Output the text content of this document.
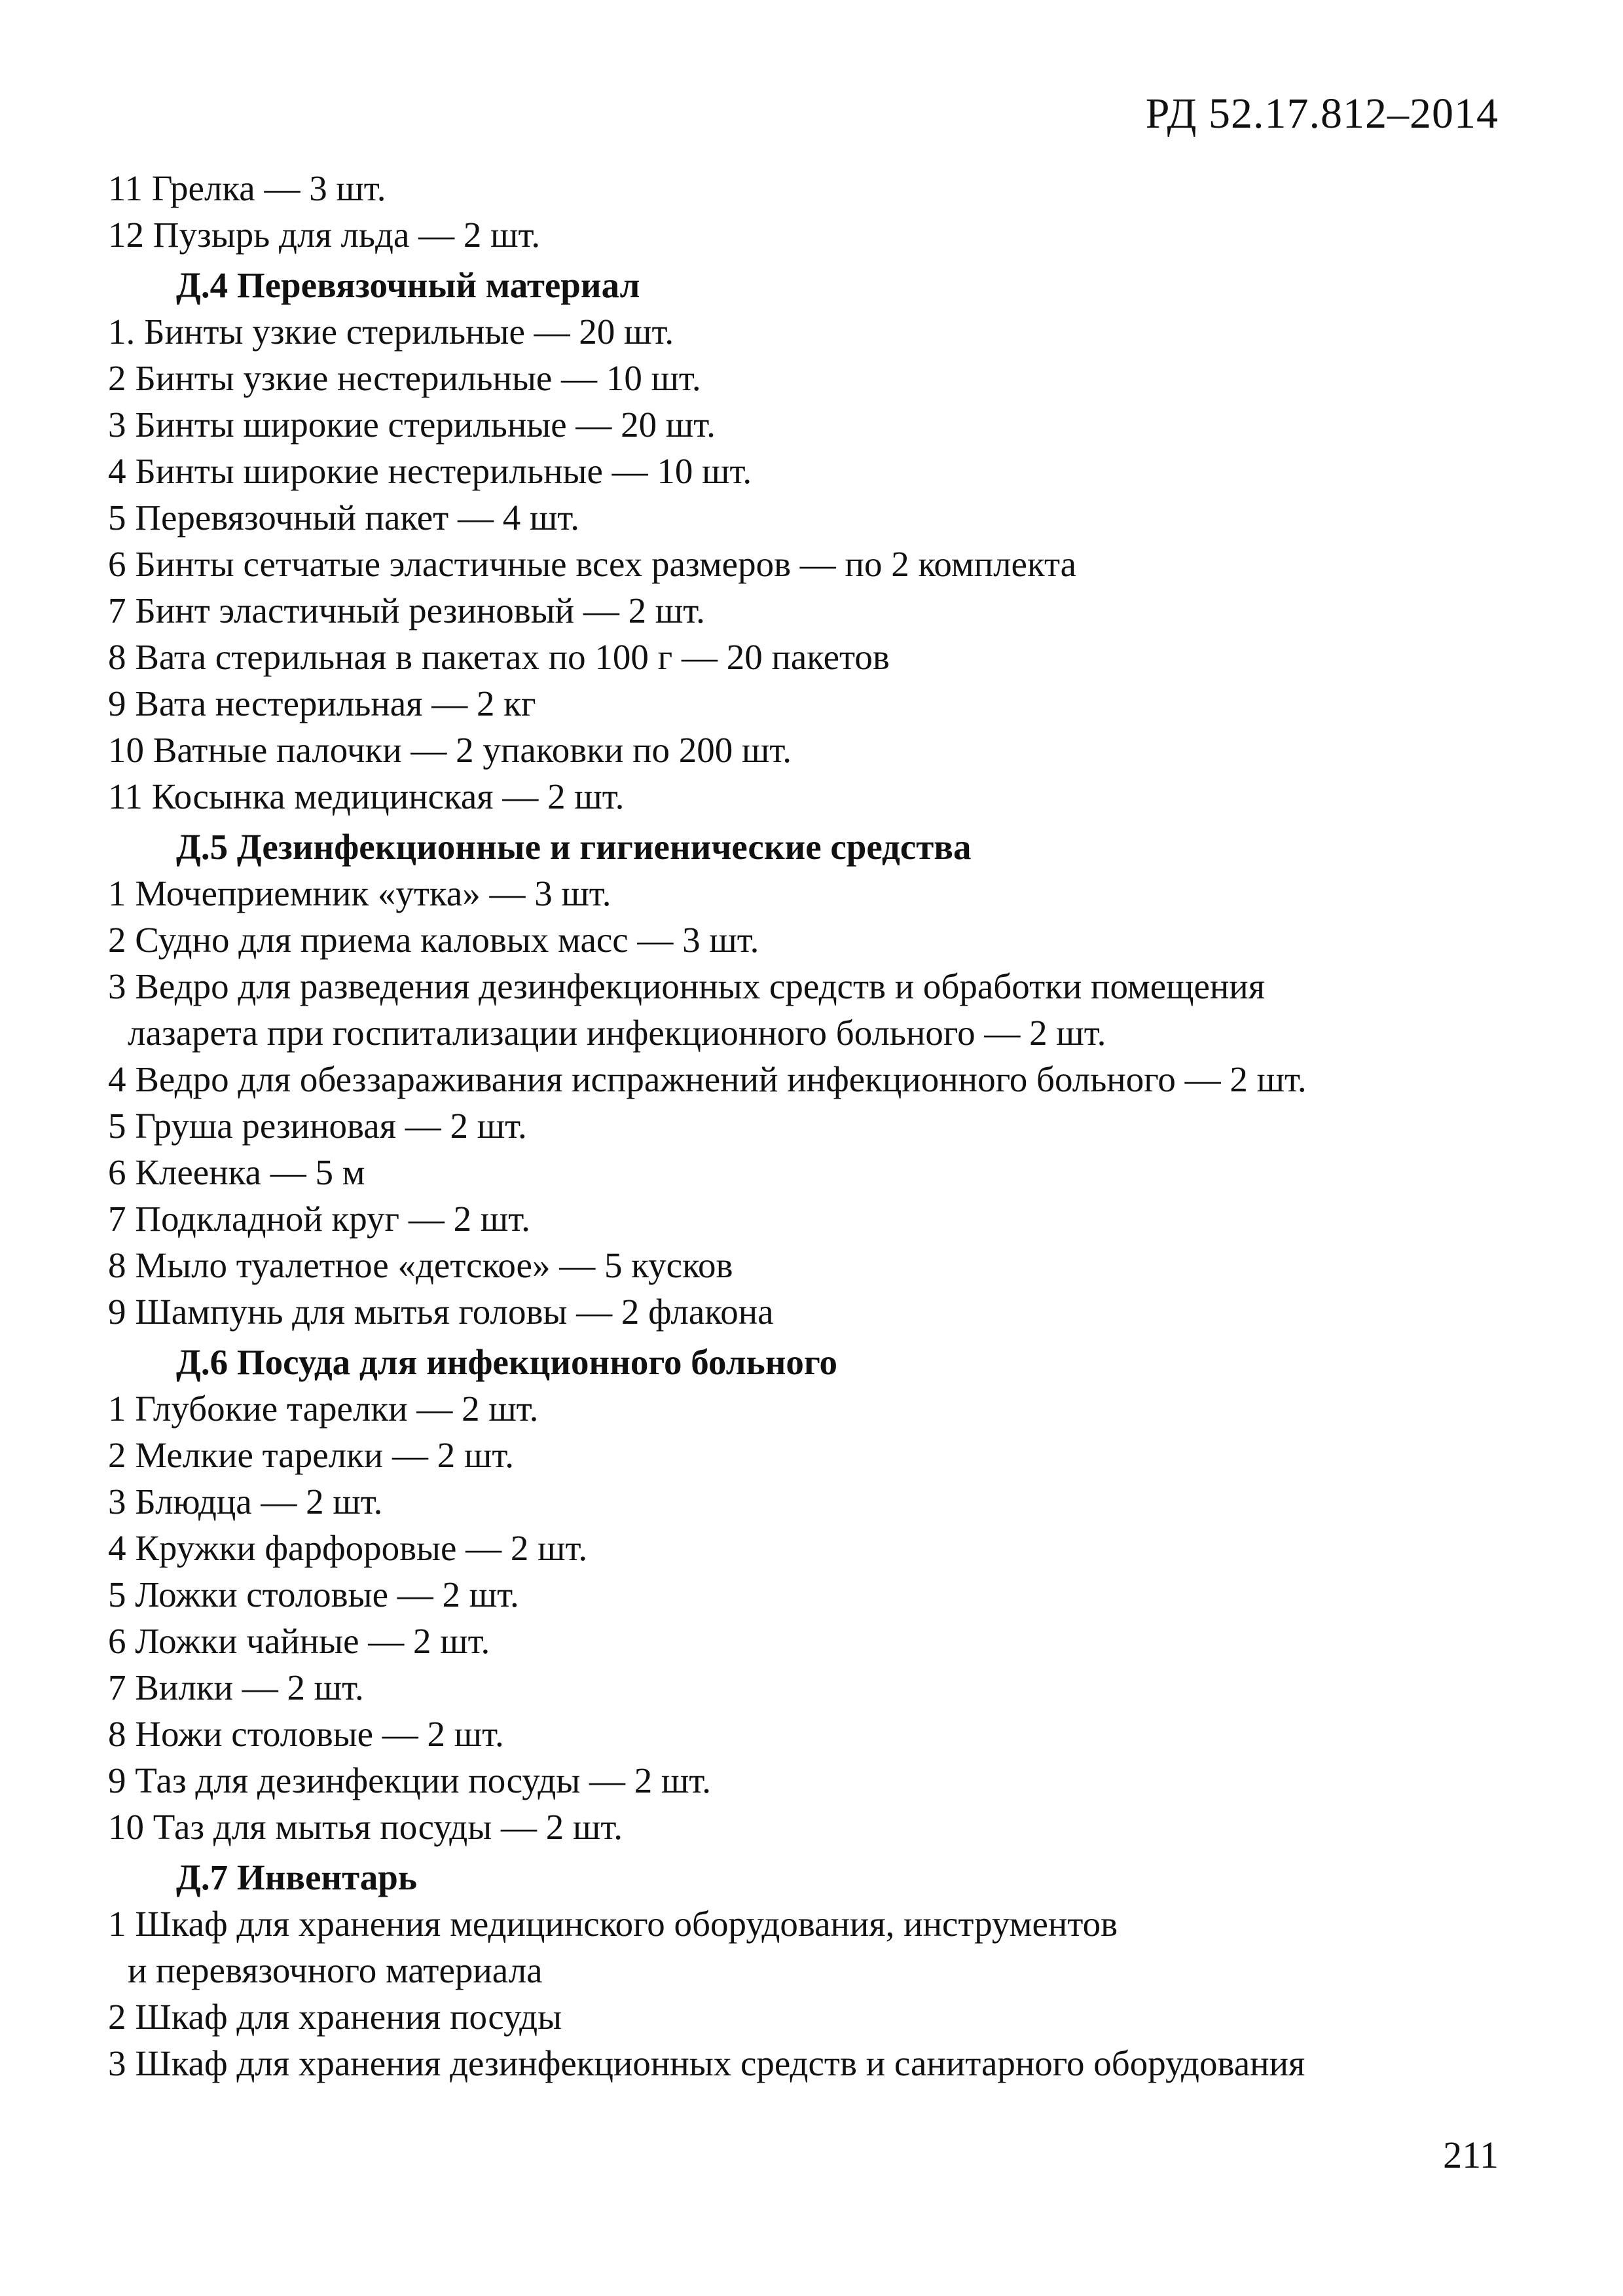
РД 52.17.812–2014
11 Грелка — 3 шт.
12 Пузырь для льда — 2 шт.
Д.4 Перевязочный материал
1. Бинты узкие стерильные — 20 шт.
2 Бинты узкие нестерильные — 10 шт.
3 Бинты широкие стерильные — 20 шт.
4 Бинты широкие нестерильные — 10 шт.
5 Перевязочный пакет — 4 шт.
6 Бинты сетчатые эластичные всех размеров — по 2 комплекта
7 Бинт эластичный резиновый — 2 шт.
8 Вата стерильная в пакетах по 100 г — 20 пакетов
9 Вата нестерильная — 2 кг
10 Ватные палочки — 2 упаковки по 200 шт.
11 Косынка медицинская — 2 шт.
Д.5 Дезинфекционные и гигиенические средства
1 Мочеприемник «утка» — 3 шт.
2 Судно для приема каловых масс — 3 шт.
3 Ведро для разведения дезинфекционных средств и обработки помещения
лазарета при госпитализации инфекционного больного — 2 шт.
4 Ведро для обеззараживания испражнений инфекционного больного — 2 шт.
5 Груша резиновая — 2 шт.
6 Клеенка — 5 м
7 Подкладной круг — 2 шт.
8 Мыло туалетное «детское» — 5 кусков
9 Шампунь для мытья головы — 2 флакона
Д.6 Посуда для инфекционного больного
1 Глубокие тарелки — 2 шт.
2 Мелкие тарелки — 2 шт.
3 Блюдца — 2 шт.
4 Кружки фарфоровые — 2 шт.
5 Ложки столовые — 2 шт.
6 Ложки чайные — 2 шт.
7 Вилки — 2 шт.
8 Ножи столовые — 2 шт.
9 Таз для дезинфекции посуды — 2 шт.
10 Таз для мытья посуды — 2 шт.
Д.7 Инвентарь
1 Шкаф для хранения медицинского оборудования, инструментов
и перевязочного материала
2 Шкаф для хранения посуды
3 Шкаф для хранения дезинфекционных средств и санитарного оборудования
211
